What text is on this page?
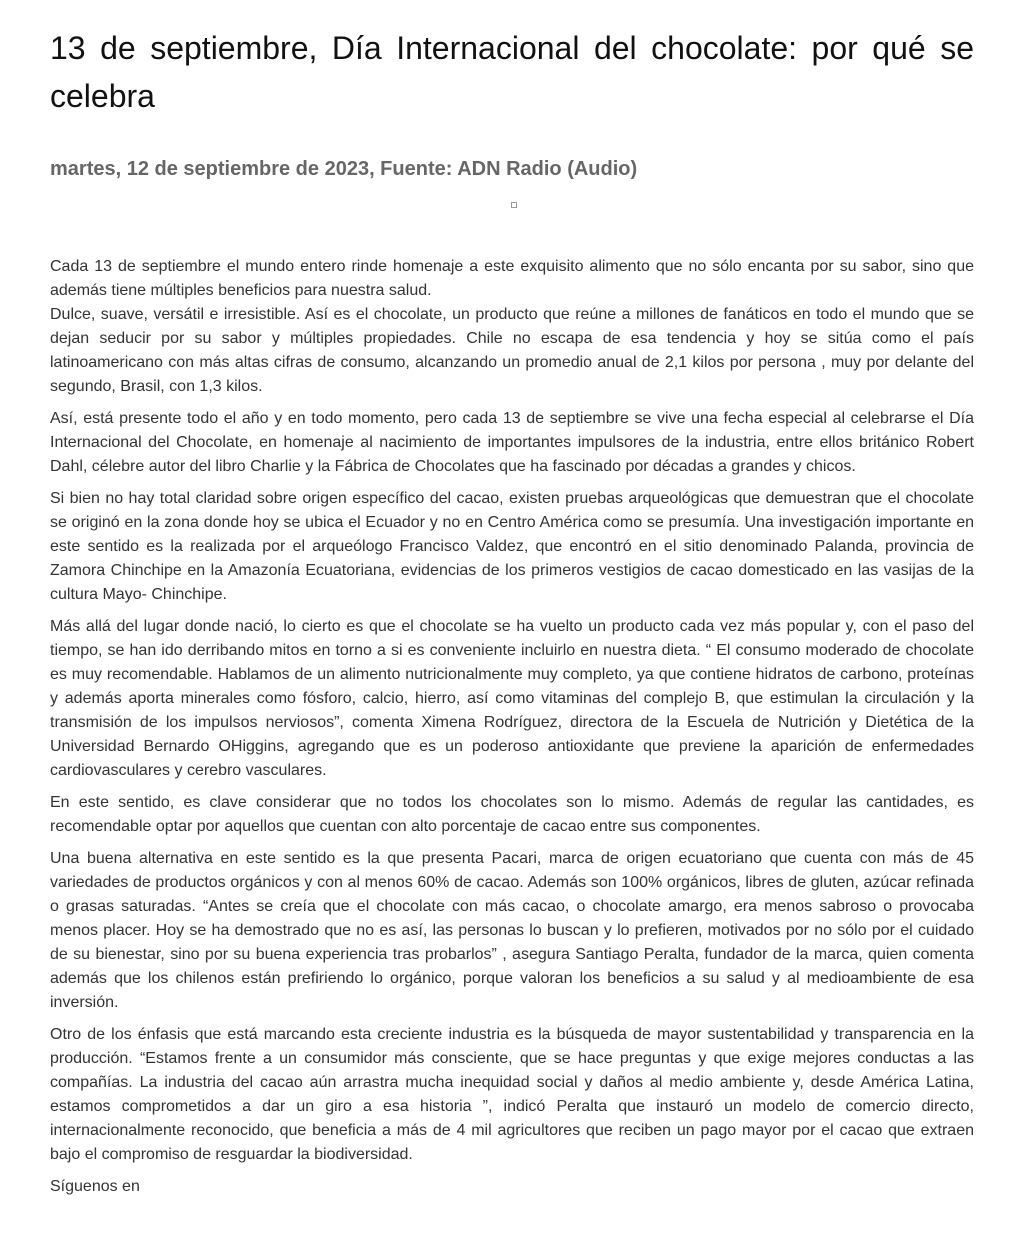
13 de septiembre, Día Internacional del chocolate: por qué se celebra
martes, 12 de septiembre de 2023, Fuente: ADN Radio (Audio)

Cada 13 de septiembre el mundo entero rinde homenaje a este exquisito alimento que no sólo encanta por su sabor, sino que además tiene múltiples beneficios para nuestra salud.

Dulce, suave, versátil e irresistible. Así es el chocolate, un producto que reúne a millones de fanáticos en todo el mundo que se dejan seducir por su sabor y múltiples propiedades. Chile no escapa de esa tendencia y hoy se sitúa como el país latinoamericano con más altas cifras de consumo, alcanzando un promedio anual de 2,1 kilos por persona , muy por delante del segundo, Brasil, con 1,3 kilos.

Así, está presente todo el año y en todo momento, pero cada 13 de septiembre se vive una fecha especial al celebrarse el Día Internacional del Chocolate, en homenaje al nacimiento de importantes impulsores de la industria, entre ellos británico Robert Dahl, célebre autor del libro Charlie y la Fábrica de Chocolates que ha fascinado por décadas a grandes y chicos.

Si bien no hay total claridad sobre origen específico del cacao, existen pruebas arqueológicas que demuestran que el chocolate se originó en la zona donde hoy se ubica el Ecuador y no en Centro América como se presumía. Una investigación importante en este sentido es la realizada por el arqueólogo Francisco Valdez, que encontró en el sitio denominado Palanda, provincia de Zamora Chinchipe en la Amazonía Ecuatoriana, evidencias de los primeros vestigios de cacao domesticado en las vasijas de la cultura Mayo- Chinchipe.

Más allá del lugar donde nació, lo cierto es que el chocolate se ha vuelto un producto cada vez más popular y, con el paso del tiempo, se han ido derribando mitos en torno a si es conveniente incluirlo en nuestra dieta. “ El consumo moderado de chocolate es muy recomendable. Hablamos de un alimento nutricionalmente muy completo, ya que contiene hidratos de carbono, proteínas y además aporta minerales como fósforo, calcio, hierro, así como vitaminas del complejo B, que estimulan la circulación y la transmisión de los impulsos nerviosos”, comenta Ximena Rodríguez, directora de la Escuela de Nutrición y Dietética de la Universidad Bernardo OHiggins, agregando que es un poderoso antioxidante que previene la aparición de enfermedades cardiovasculares y cerebro vasculares.

En este sentido, es clave considerar que no todos los chocolates son lo mismo. Además de regular las cantidades, es recomendable optar por aquellos que cuentan con alto porcentaje de cacao entre sus componentes.

Una buena alternativa en este sentido es la que presenta Pacari, marca de origen ecuatoriano que cuenta con más de 45 variedades de productos orgánicos y con al menos 60% de cacao. Además son 100% orgánicos, libres de gluten, azúcar refinada o grasas saturadas. “Antes se creía que el chocolate con más cacao, o chocolate amargo, era menos sabroso o provocaba menos placer. Hoy se ha demostrado que no es así, las personas lo buscan y lo prefieren, motivados por no sólo por el cuidado de su bienestar, sino por su buena experiencia tras probarlos” , asegura Santiago Peralta, fundador de la marca, quien comenta además que los chilenos están prefiriendo lo orgánico, porque valoran los beneficios a su salud y al medioambiente de esa inversión.

Otro de los énfasis que está marcando esta creciente industria es la búsqueda de mayor sustentabilidad y transparencia en la producción. “Estamos frente a un consumidor más consciente, que se hace preguntas y que exige mejores conductas a las compañías. La industria del cacao aún arrastra mucha inequidad social y daños al medio ambiente y, desde América Latina, estamos comprometidos a dar un giro a esa historia ”, indicó Peralta que instauró un modelo de comercio directo, internacionalmente reconocido, que beneficia a más de 4 mil agricultores que reciben un pago mayor por el cacao que extraen bajo el compromiso de resguardar la biodiversidad.

Síguenos en
